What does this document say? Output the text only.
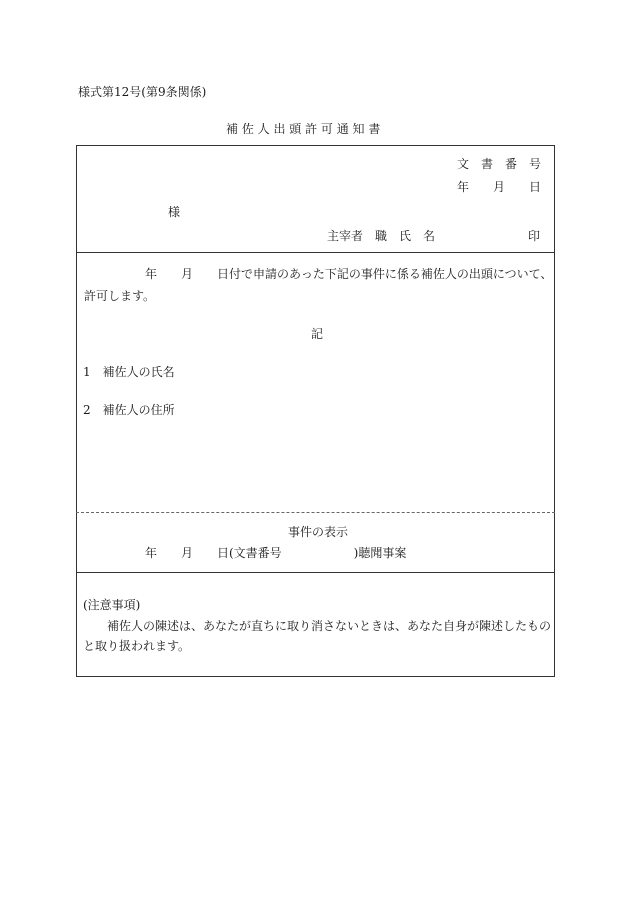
様式第12号(第9条関係)
補 佐 人 出 頭 許 可 通 知 書
文　書　番　号
年　　月　　日
様
主宰者　職　氏　名	印
年　　月　　日付で申請のあった下記の事件に係る補佐人の出頭について、
許可します。
記
1　補佐人の氏名
2　補佐人の住所
事件の表示
年　　月　　日(文書番号　　　　　　)聴聞事案
(注意事項)
補佐人の陳述は、あなたが直ちに取り消さないときは、あなた自身が陳述したもの
と取り扱われます。
